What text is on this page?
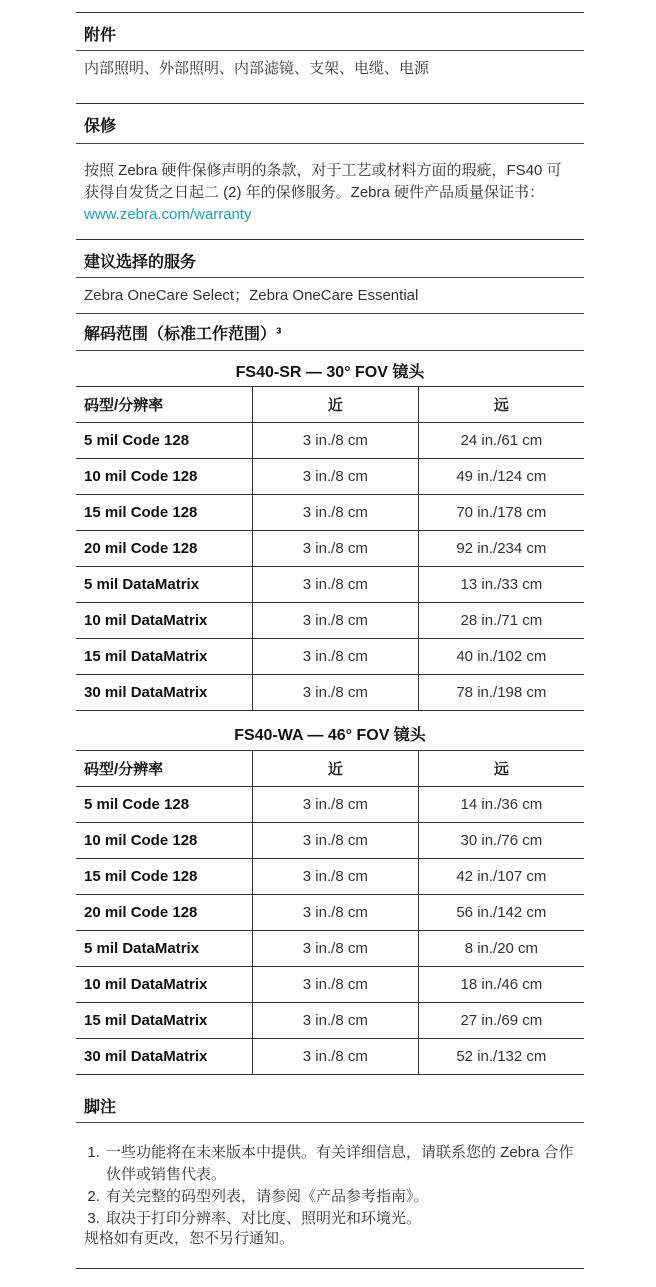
附件
内部照明、外部照明、内部滤镜、支架、电缆、电源
保修
按照 Zebra 硬件保修声明的条款，对于工艺或材料方面的瑕疵，FS40 可获得自发货之日起二 (2) 年的保修服务。Zebra 硬件产品质量保证书： www.zebra.com/warranty
建议选择的服务
Zebra OneCare Select；Zebra OneCare Essential
解码范围（标准工作范围）³
FS40-SR — 30° FOV 镜头
码型/分辨率	近	远
5 mil Code 128	3 in./8 cm	24 in./61 cm
10 mil Code 128	3 in./8 cm	49 in./124 cm
15 mil Code 128	3 in./8 cm	70 in./178 cm
20 mil Code 128	3 in./8 cm	92 in./234 cm
5 mil DataMatrix	3 in./8 cm	13 in./33 cm
10 mil DataMatrix	3 in./8 cm	28 in./71 cm
15 mil DataMatrix	3 in./8 cm	40 in./102 cm
30 mil DataMatrix	3 in./8 cm	78 in./198 cm
FS40-WA — 46° FOV 镜头
码型/分辨率	近	远
5 mil Code 128	3 in./8 cm	14 in./36 cm
10 mil Code 128	3 in./8 cm	30 in./76 cm
15 mil Code 128	3 in./8 cm	42 in./107 cm
20 mil Code 128	3 in./8 cm	56 in./142 cm
5 mil DataMatrix	3 in./8 cm	8 in./20 cm
10 mil DataMatrix	3 in./8 cm	18 in./46 cm
15 mil DataMatrix	3 in./8 cm	27 in./69 cm
30 mil DataMatrix	3 in./8 cm	52 in./132 cm
脚注
1. 一些功能将在未来版本中提供。有关详细信息，请联系您的 Zebra 合作伙伴或销售代表。
2. 有关完整的码型列表，请参阅《产品参考指南》。
3. 取决于打印分辨率、对比度、照明光和环境光。
规格如有更改，恕不另行通知。
